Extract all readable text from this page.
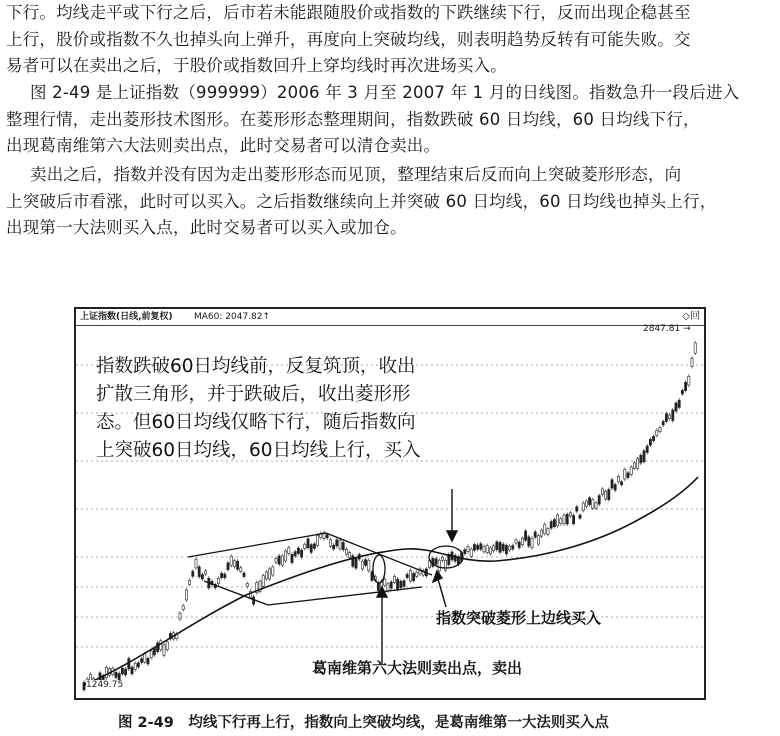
下行。均线走平或下行之后，后市若未能跟随股价或指数的下跌继续下行，反而出现企稳甚至
上行，股价或指数不久也掉头向上弹升，再度向上突破均线，则表明趋势反转有可能失败。交
易者可以在卖出之后，于股价或指数回升上穿均线时再次进场买入。
图 2-49 是上证指数（999999）2006 年 3 月至 2007 年 1 月的日线图。指数急升一段后进入
整理行情，走出菱形技术图形。在菱形形态整理期间，指数跌破 60 日均线，60 日均线下行，
出现葛南维第六大法则卖出点，此时交易者可以清仓卖出。
卖出之后，指数并没有因为走出菱形形态而见顶，整理结束后反而向上突破菱形形态，向
上突破后市看涨，此时可以买入。之后指数继续向上并突破 60 日均线，60 日均线也掉头上行，
出现第一大法则买入点，此时交易者可以买入或加仓。
上证指数(日线,前复权) MA60: 2047.82↑	◇回
2847.81 →
1249.75
指数跌破60日均线前，反复筑顶，收出
扩散三角形，并于跌破后，收出菱形形
态。但60日均线仅略下行，随后指数向
上突破60日均线，60日均线上行，买入
指数突破菱形上边线买入
葛南维第六大法则卖出点，卖出
图 2-49　均线下行再上行，指数向上突破均线，是葛南维第一大法则买入点
